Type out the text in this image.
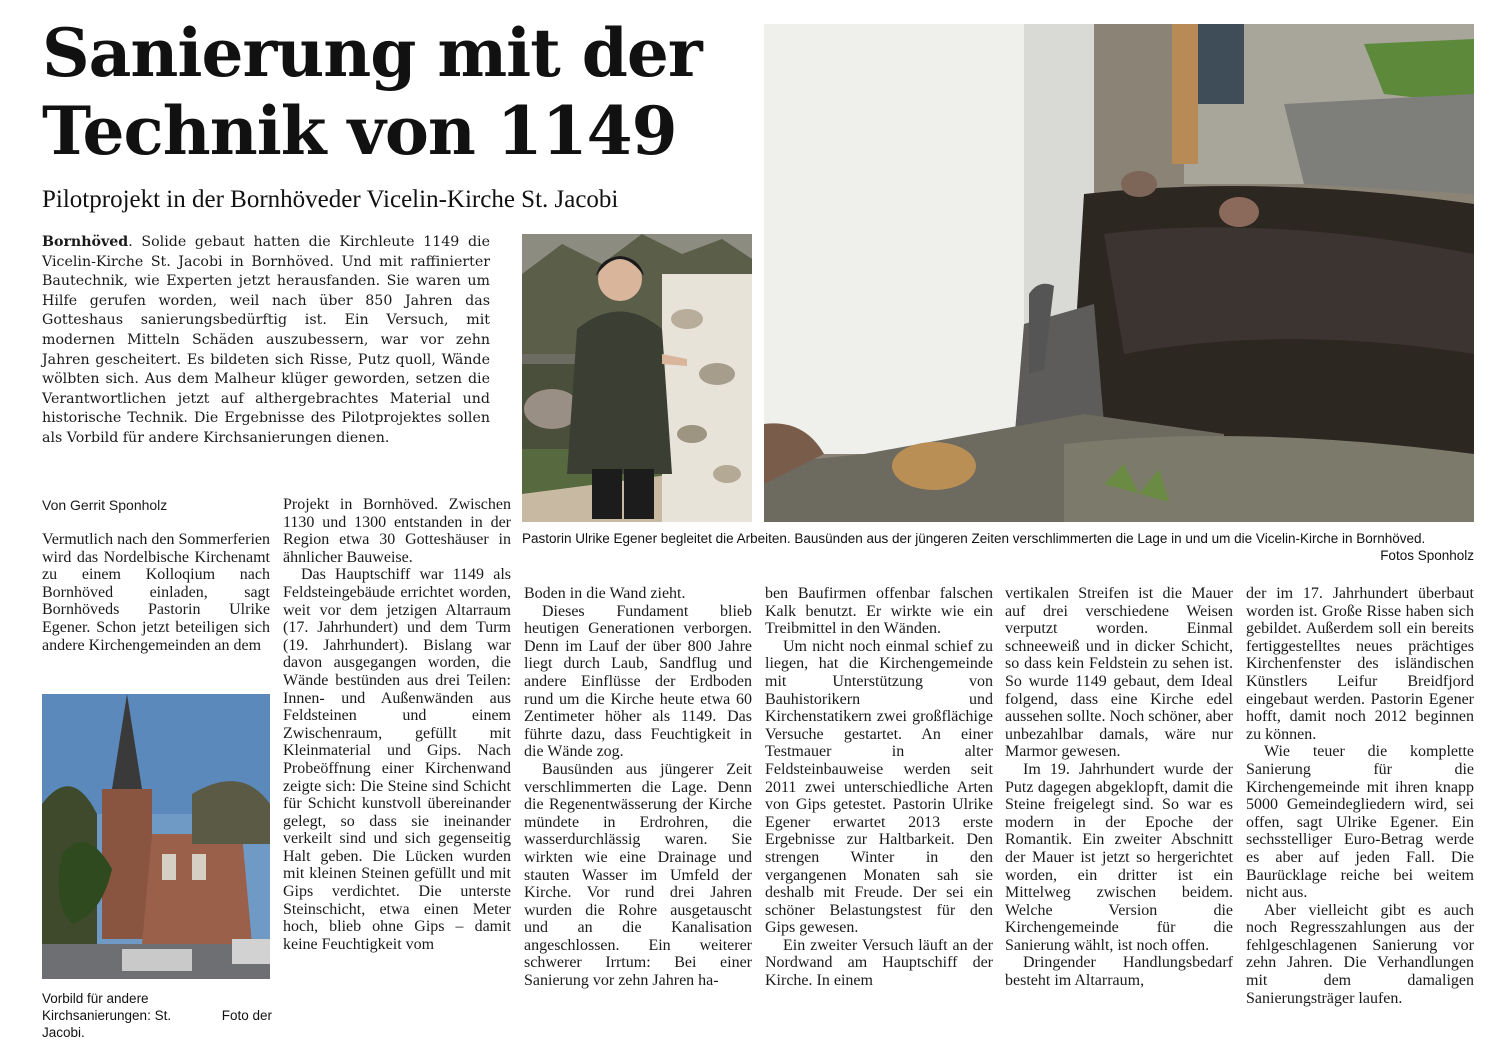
Sanierung mit der
Technik von 1149
Pilotprojekt in der Bornhöveder Vicelin-Kirche St. Jacobi
Bornhöved. Solide gebaut hatten die Kirchleute 1149 die Vicelin-Kirche St. Jacobi in Bornhöved. Und mit raffinierter Bautechnik, wie Experten jetzt herausfanden. Sie waren um Hilfe gerufen worden, weil nach über 850 Jahren das Gotteshaus sanierungsbedürftig ist. Ein Versuch, mit modernen Mitteln Schäden auszubessern, war vor zehn Jahren gescheitert. Es bildeten sich Risse, Putz quoll, Wände wölbten sich. Aus dem Malheur klüger geworden, setzen die Verantwortlichen jetzt auf althergebrachtes Material und historische Technik. Die Ergebnisse des Pilotprojektes sollen als Vorbild für andere Kirchsanierungen dienen.
Von Gerrit Sponholz
Pastorin Ulrike Egener begleitet die Arbeiten. Bausünden aus der jüngeren Zeiten verschlimmerten die Lage in und um die Vicelin-Kirche in Bornhöved.
Fotos Sponholz
Vorbild für andere Kirchsanierungen: St. Jacobi.
Foto der

Vermutlich nach den Sommerferien wird das Nordelbische Kirchenamt zu einem Kolloqium nach Bornhöved einladen, sagt Bornhöveds Pastorin Ulrike Egener. Schon jetzt beteiligen sich andere Kirchengemeinden an dem

Projekt in Bornhöved. Zwischen 1130 und 1300 entstanden in der Region etwa 30 Gotteshäuser in ähnlicher Bauweise.

Das Hauptschiff war 1149 als Feldsteingebäude errichtet worden, weit vor dem jetzigen Altarraum (17. Jahrhundert) und dem Turm (19. Jahrhundert). Bislang war davon ausgegangen worden, die Wände bestünden aus drei Teilen: Innen- und Außenwänden aus Feldsteinen und einem Zwischenraum, gefüllt mit Kleinmaterial und Gips. Nach Probeöffnung einer Kirchenwand zeigte sich: Die Steine sind Schicht für Schicht kunstvoll übereinander gelegt, so dass sie ineinander verkeilt sind und sich gegenseitig Halt geben. Die Lücken wurden mit kleinen Steinen gefüllt und mit Gips verdichtet. Die unterste Steinschicht, etwa einen Meter hoch, blieb ohne Gips – damit keine Feuchtigkeit vom

Boden in die Wand zieht.

Dieses Fundament blieb heutigen Generationen verborgen. Denn im Lauf der über 800 Jahre liegt durch Laub, Sandflug und andere Einflüsse der Erdboden rund um die Kirche heute etwa 60 Zentimeter höher als 1149. Das führte dazu, dass Feuchtigkeit in die Wände zog.

Bausünden aus jüngerer Zeit verschlimmerten die Lage. Denn die Regenentwässerung der Kirche mündete in Erdrohren, die wasserdurchlässig waren. Sie wirkten wie eine Drainage und stauten Wasser im Umfeld der Kirche. Vor rund drei Jahren wurden die Rohre ausgetauscht und an die Kanalisation angeschlossen. Ein weiterer schwerer Irrtum: Bei einer Sanierung vor zehn Jahren ha-

ben Baufirmen offenbar falschen Kalk benutzt. Er wirkte wie ein Treibmittel in den Wänden.

Um nicht noch einmal schief zu liegen, hat die Kirchengemeinde mit Unterstützung von Bauhistorikern und Kirchenstatikern zwei großflächige Versuche gestartet. An einer Testmauer in alter Feldsteinbauweise werden seit 2011 zwei unterschiedliche Arten von Gips getestet. Pastorin Ulrike Egener erwartet 2013 erste Ergebnisse zur Haltbarkeit. Den strengen Winter in den vergangenen Monaten sah sie deshalb mit Freude. Der sei ein schöner Belastungstest für den Gips gewesen.

Ein zweiter Versuch läuft an der Nordwand am Hauptschiff der Kirche. In einem

vertikalen Streifen ist die Mauer auf drei verschiedene Weisen verputzt worden. Einmal schneeweiß und in dicker Schicht, so dass kein Feldstein zu sehen ist. So wurde 1149 gebaut, dem Ideal folgend, dass eine Kirche edel aussehen sollte. Noch schöner, aber unbezahlbar damals, wäre nur Marmor gewesen.

Im 19. Jahrhundert wurde der Putz dagegen abgeklopft, damit die Steine freigelegt sind. So war es modern in der Epoche der Romantik. Ein zweiter Abschnitt der Mauer ist jetzt so hergerichtet worden, ein dritter ist ein Mittelweg zwischen beidem. Welche Version die Kirchengemeinde für die Sanierung wählt, ist noch offen.

Dringender Handlungsbedarf besteht im Altarraum,

der im 17. Jahrhundert überbaut worden ist. Große Risse haben sich gebildet. Außerdem soll ein bereits fertiggestelltes neues prächtiges Kirchenfenster des isländischen Künstlers Leifur Breidfjord eingebaut werden. Pastorin Egener hofft, damit noch 2012 beginnen zu können.

Wie teuer die komplette Sanierung für die Kirchengemeinde mit ihren knapp 5000 Gemeindegliedern wird, sei offen, sagt Ulrike Egener. Ein sechsstelliger Euro-Betrag werde es aber auf jeden Fall. Die Baurücklage reiche bei weitem nicht aus.

Aber vielleicht gibt es auch noch Regresszahlungen aus der fehlgeschlagenen Sanierung vor zehn Jahren. Die Verhandlungen mit dem damaligen Sanierungsträger laufen.
